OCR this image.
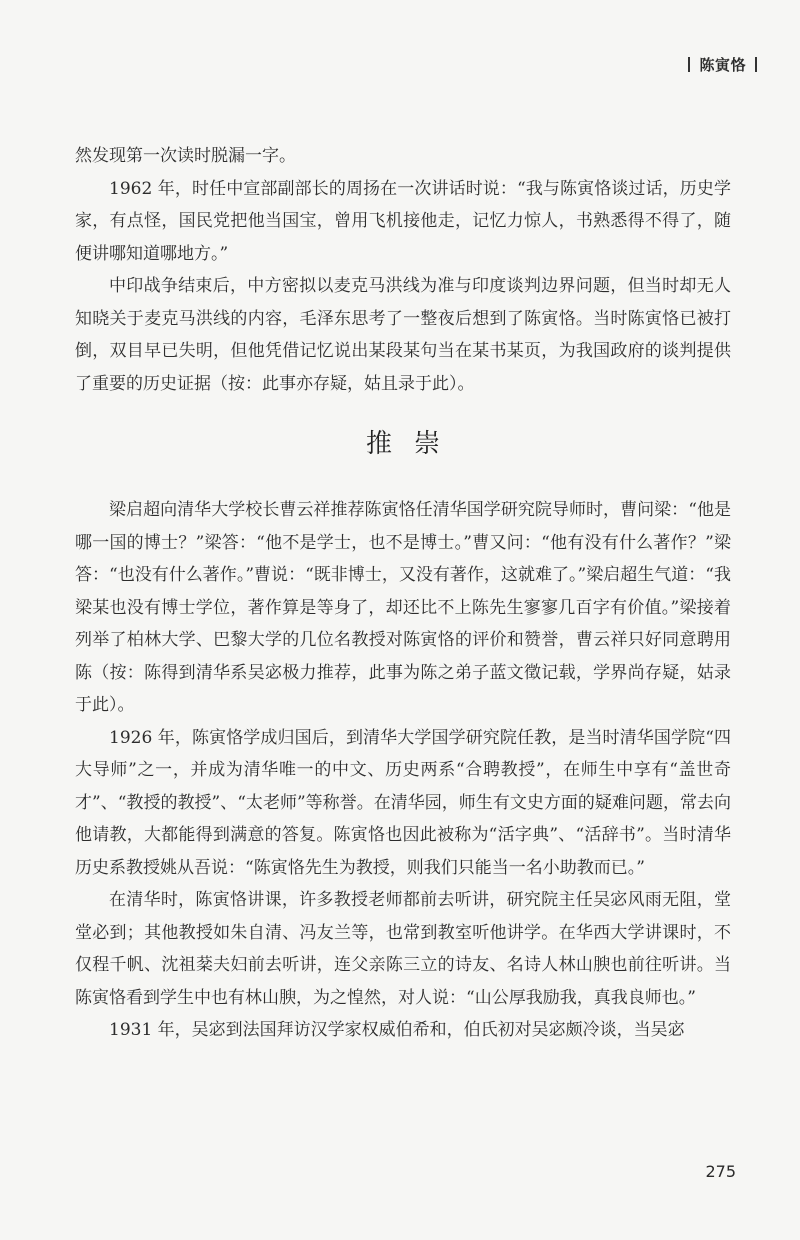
陈寅恪

然发现第一次读时脱漏一字。

1962 年，时任中宣部副部长的周扬在一次讲话时说：“我与陈寅恪谈过话，历史学家，有点怪，国民党把他当国宝，曾用飞机接他走，记忆力惊人，书熟悉得不得了，随便讲哪知道哪地方。”

中印战争结束后，中方密拟以麦克马洪线为准与印度谈判边界问题，但当时却无人知晓关于麦克马洪线的内容，毛泽东思考了一整夜后想到了陈寅恪。当时陈寅恪已被打倒，双目早已失明，但他凭借记忆说出某段某句当在某书某页，为我国政府的谈判提供了重要的历史证据（按：此事亦存疑，姑且录于此）。

推崇

梁启超向清华大学校长曹云祥推荐陈寅恪任清华国学研究院导师时，曹问梁：“他是哪一国的博士？”梁答：“他不是学士，也不是博士。”曹又问：“他有没有什么著作？”梁答：“也没有什么著作。”曹说：“既非博士，又没有著作，这就难了。”梁启超生气道：“我梁某也没有博士学位，著作算是等身了，却还比不上陈先生寥寥几百字有价值。”梁接着列举了柏林大学、巴黎大学的几位名教授对陈寅恪的评价和赞誉，曹云祥只好同意聘用陈（按：陈得到清华系吴宓极力推荐，此事为陈之弟子蓝文徵记载，学界尚存疑，姑录于此）。

1926 年，陈寅恪学成归国后，到清华大学国学研究院任教，是当时清华国学院“四大导师”之一，并成为清华唯一的中文、历史两系“合聘教授”，在师生中享有“盖世奇才”、“教授的教授”、“太老师”等称誉。在清华园，师生有文史方面的疑难问题，常去向他请教，大都能得到满意的答复。陈寅恪也因此被称为“活字典”、“活辞书”。当时清华历史系教授姚从吾说：“陈寅恪先生为教授，则我们只能当一名小助教而已。”

在清华时，陈寅恪讲课，许多教授老师都前去听讲，研究院主任吴宓风雨无阻，堂堂必到；其他教授如朱自清、冯友兰等，也常到教室听他讲学。在华西大学讲课时，不仅程千帆、沈祖棻夫妇前去听讲，连父亲陈三立的诗友、名诗人林山腴也前往听讲。当陈寅恪看到学生中也有林山腴，为之惶然，对人说：“山公厚我励我，真我良师也。”

1931 年，吴宓到法国拜访汉学家权威伯希和，伯氏初对吴宓颇冷谈，当吴宓

275
